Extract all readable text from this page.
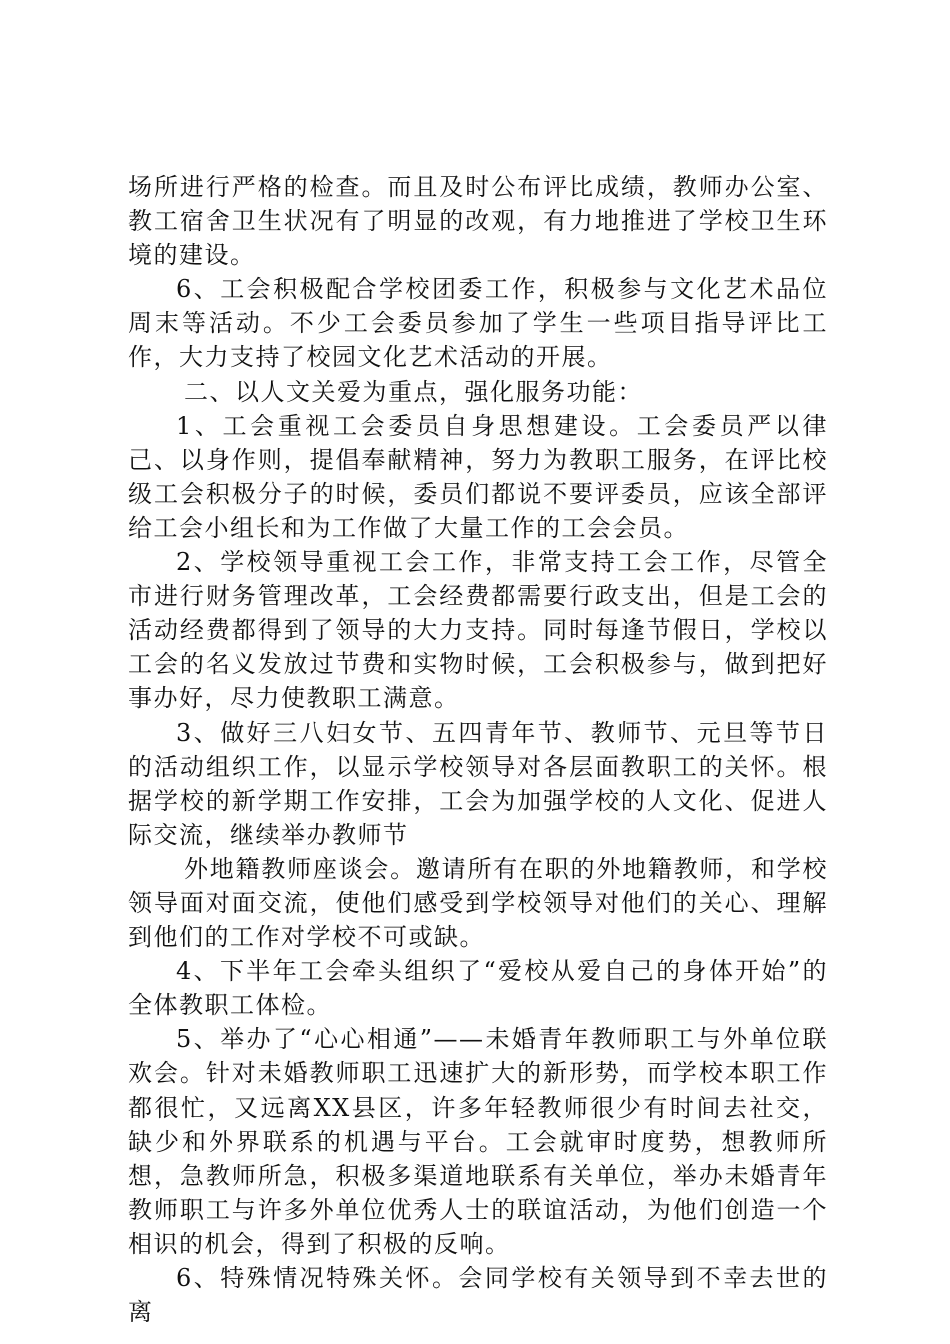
场所进行严格的检查。而且及时公布评比成绩，教师办公室、教工宿舍卫生状况有了明显的改观，有力地推进了学校卫生环境的建设。

6、工会积极配合学校团委工作，积极参与文化艺术品位周末等活动。不少工会委员参加了学生一些项目指导评比工作，大力支持了校园文化艺术活动的开展。

二、以人文关爱为重点，强化服务功能：

1、工会重视工会委员自身思想建设。工会委员严以律己、以身作则，提倡奉献精神，努力为教职工服务，在评比校级工会积极分子的时候，委员们都说不要评委员，应该全部评给工会小组长和为工作做了大量工作的工会会员。

2、学校领导重视工会工作，非常支持工会工作，尽管全市进行财务管理改革，工会经费都需要行政支出，但是工会的活动经费都得到了领导的大力支持。同时每逢节假日，学校以工会的名义发放过节费和实物时候，工会积极参与，做到把好事办好，尽力使教职工满意。

3、做好三八妇女节、五四青年节、教师节、元旦等节日的活动组织工作，以显示学校领导对各层面教职工的关怀。根据学校的新学期工作安排，工会为加强学校的人文化、促进人际交流，继续举办教师节

外地籍教师座谈会。邀请所有在职的外地籍教师，和学校领导面对面交流，使他们感受到学校领导对他们的关心、理解到他们的工作对学校不可或缺。

4、下半年工会牵头组织了“爱校从爱自己的身体开始”的全体教职工体检。

5、举办了“心心相通”——未婚青年教师职工与外单位联欢会。针对未婚教师职工迅速扩大的新形势，而学校本职工作都很忙，又远离XX县区，许多年轻教师很少有时间去社交，缺少和外界联系的机遇与平台。工会就审时度势，想教师所想，急教师所急，积极多渠道地联系有关单位，举办未婚青年教师职工与许多外单位优秀人士的联谊活动，为他们创造一个相识的机会，得到了积极的反响。

6、特殊情况特殊关怀。会同学校有关领导到不幸去世的离
